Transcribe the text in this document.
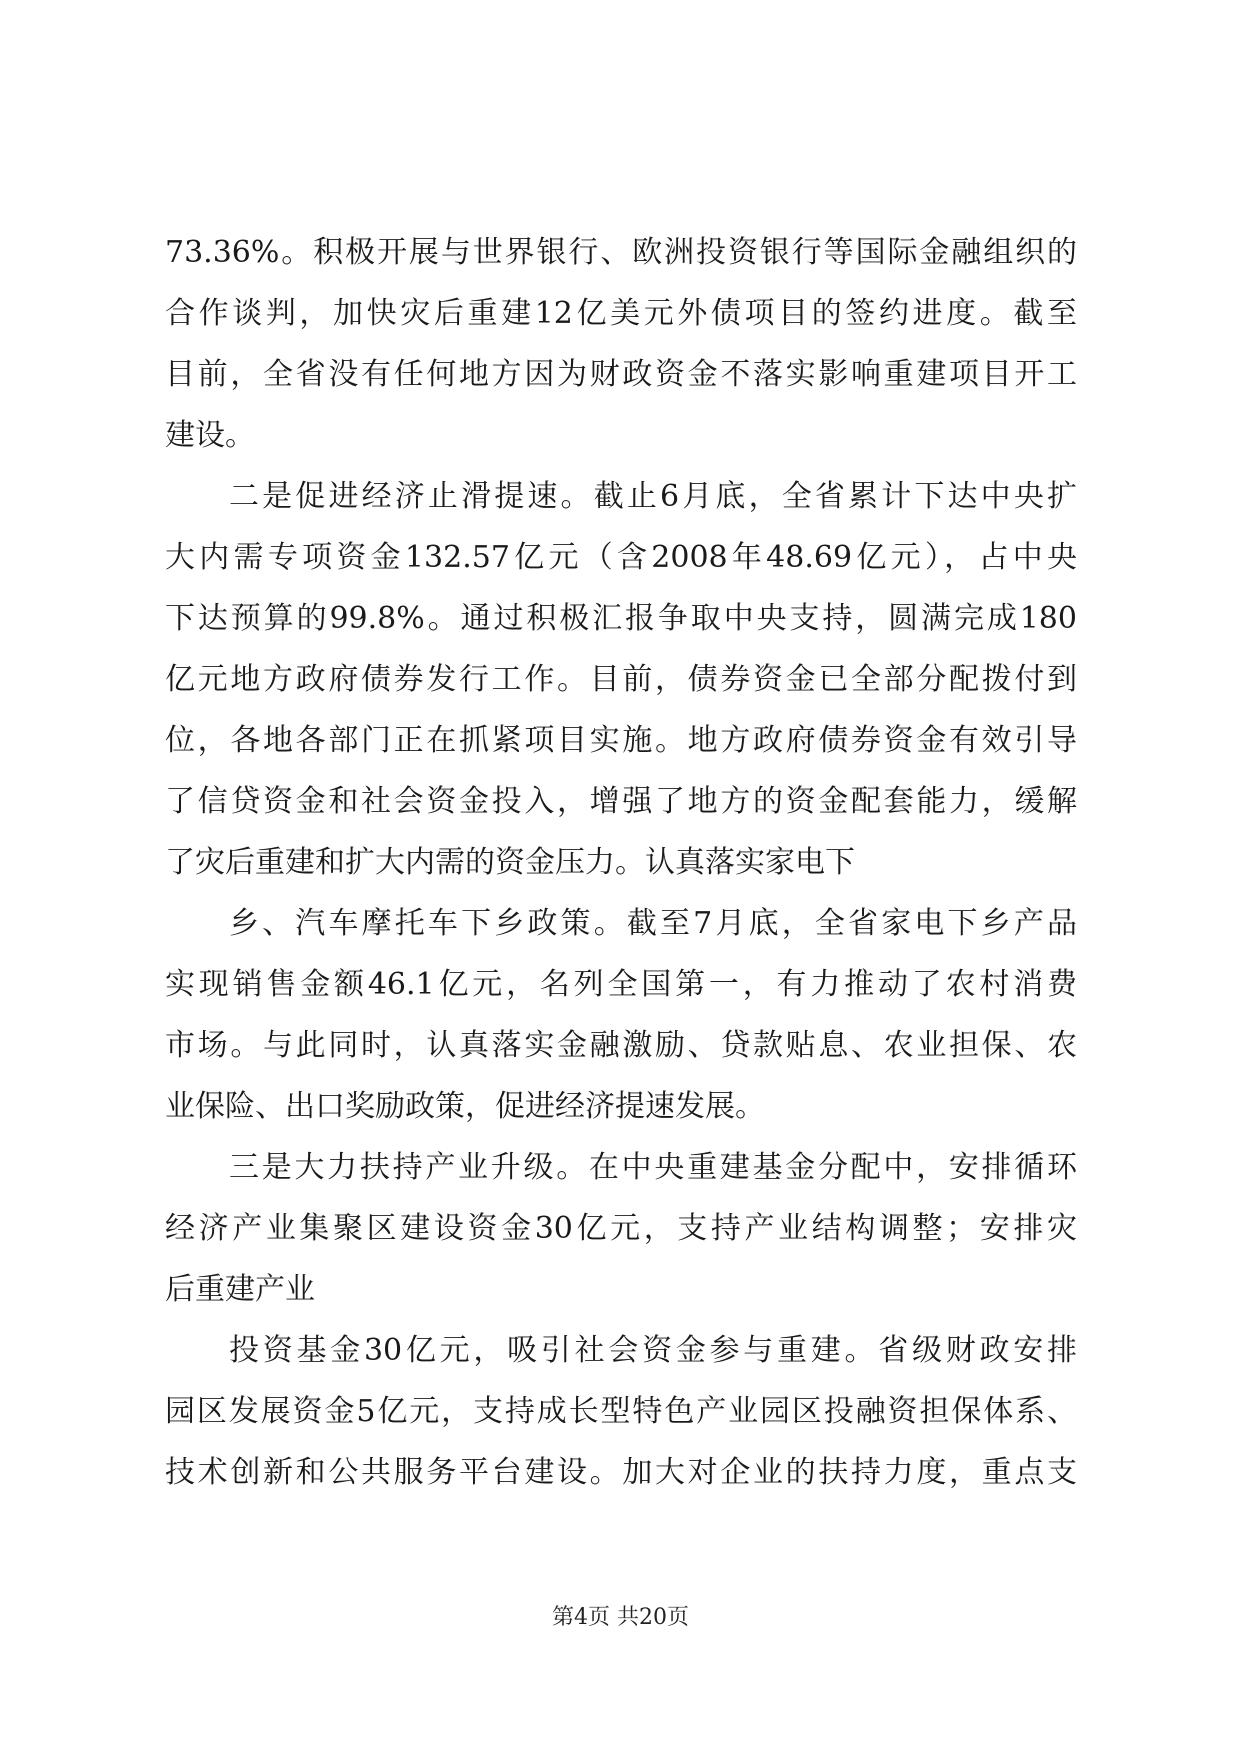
73.36%。积极开展与世界银行、欧洲投资银行等国际金融组织的
合作谈判，加快灾后重建12亿美元外债项目的签约进度。截至
目前，全省没有任何地方因为财政资金不落实影响重建项目开工
建设。
二是促进经济止滑提速。截止6月底，全省累计下达中央扩
大内需专项资金132.57亿元（含2008年48.69亿元），占中央
下达预算的99.8%。通过积极汇报争取中央支持，圆满完成180
亿元地方政府债券发行工作。目前，债券资金已全部分配拨付到
位，各地各部门正在抓紧项目实施。地方政府债券资金有效引导
了信贷资金和社会资金投入，增强了地方的资金配套能力，缓解
了灾后重建和扩大内需的资金压力。认真落实家电下
乡、汽车摩托车下乡政策。截至7月底，全省家电下乡产品
实现销售金额46.1亿元，名列全国第一，有力推动了农村消费
市场。与此同时，认真落实金融激励、贷款贴息、农业担保、农
业保险、出口奖励政策，促进经济提速发展。
三是大力扶持产业升级。在中央重建基金分配中，安排循环
经济产业集聚区建设资金30亿元，支持产业结构调整；安排灾
后重建产业
投资基金30亿元，吸引社会资金参与重建。省级财政安排
园区发展资金5亿元，支持成长型特色产业园区投融资担保体系、
技术创新和公共服务平台建设。加大对企业的扶持力度，重点支
第4页 共20页
